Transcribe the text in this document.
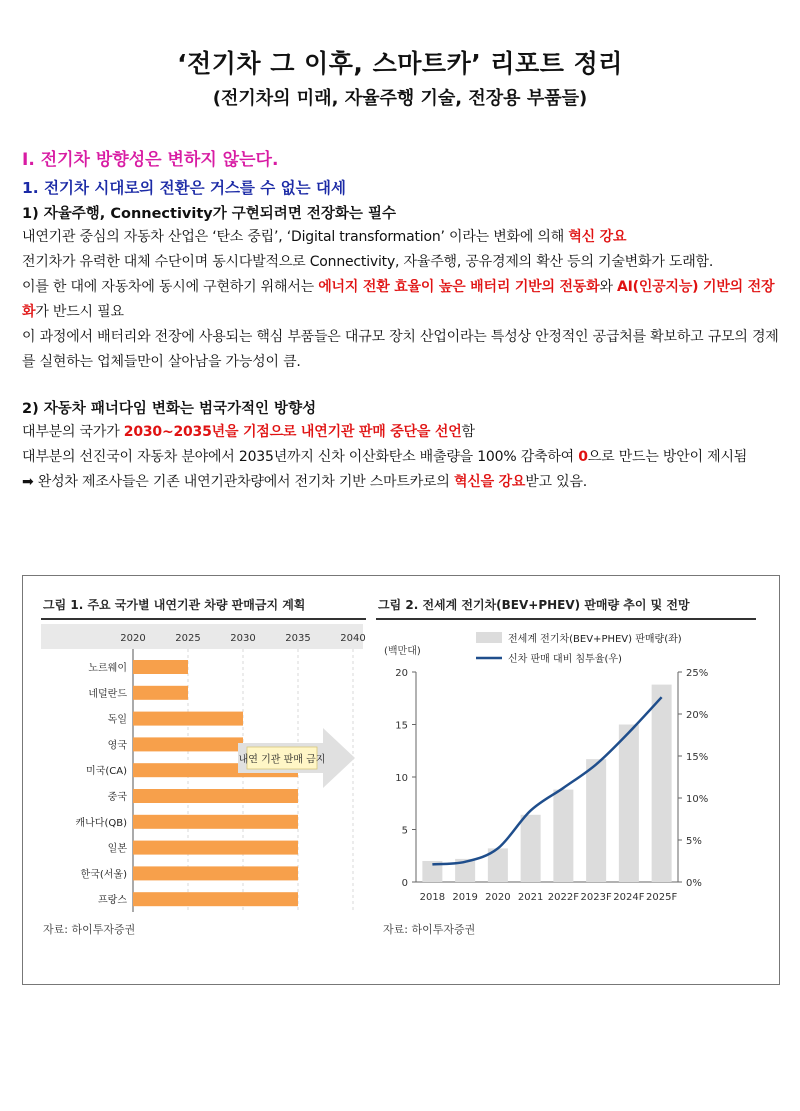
‘전기차 그 이후, 스마트카’ 리포트 정리
(전기차의 미래, 자율주행 기술, 전장용 부품들)
Ⅰ. 전기차 방향성은 변하지 않는다.
1. 전기차 시대로의 전환은 거스를 수 없는 대세
1) 자율주행, Connectivity가 구현되려면 전장화는 필수

내연기관 중심의 자동차 산업은 ‘탄소 중립’, ‘Digital transformation’ 이라는 변화에 의해 혁신 강요

전기차가 유력한 대체 수단이며 동시다발적으로 Connectivity, 자율주행, 공유경제의 확산 등의 기술변화가 도래함.

이를 한 대에 자동차에 동시에 구현하기 위해서는 에너지 전환 효율이 높은 배터리 기반의 전동화와 AI(인공지능) 기반의 전장화가 반드시 필요

이 과정에서 배터리와 전장에 사용되는 핵심 부품들은 대규모 장치 산업이라는 특성상 안정적인 공급처를 확보하고 규모의 경제를 실현하는 업체들만이 살아남을 가능성이 큼.

2) 자동차 패너다임 변화는 범국가적인 방향성

대부분의 국가가 2030~2035년을 기점으로 내연기관 판매 중단을 선언함

대부분의 선진국이 자동차 분야에서 2035년까지 신차 이산화탄소 배출량을 100% 감축하여 0으로 만드는 방안이 제시됨

➡ 완성차 제조사들은 기존 내연기관차량에서 전기차 기반 스마트카로의 혁신을 강요받고 있음.

그림 1. 주요 국가별 내연기관 차량 판매금지 계획	그림 2. 전세계 전기차(BEV+PHEV) 판매량 추이 및 전망
2020	2025	2030	2035	2040
노르웨이
네덜란드
독일
영국
미국(CA)
중국
캐나다(QB)
일본
한국(서울)
프랑스
내연 기관 판매 금지
자료: 하이투자증권
전세계 전기차(BEV+PHEV) 판매량(좌)
신차 판매 대비 침투율(우)
(백만대)
0
5
10
15
20
0%
5%
10%
15%
20%
25%
2018 2019 2020 2021 2022F 2023F 2024F 2025F
자료: 하이투자증권
